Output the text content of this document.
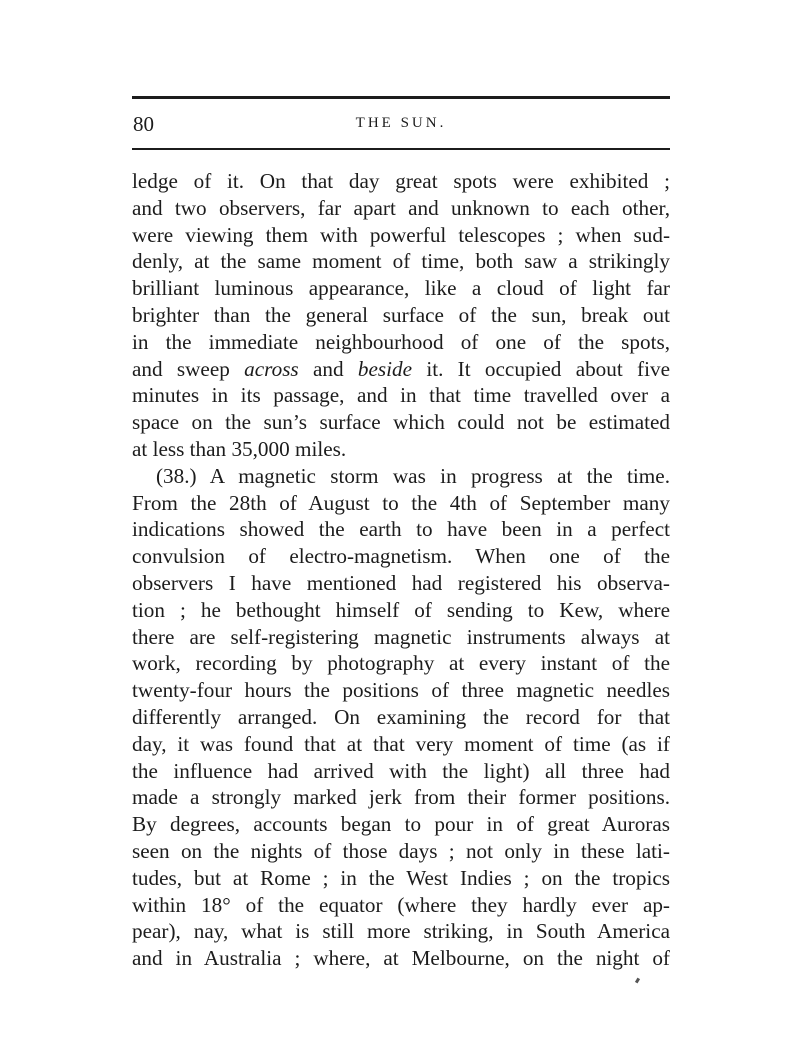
80	THE SUN.
ledge of it. On that day great spots were exhibited ;
and two observers, far apart and unknown to each other,
were viewing them with powerful telescopes ; when sud-
denly, at the same moment of time, both saw a strikingly
brilliant luminous appearance, like a cloud of light far
brighter than the general surface of the sun, break out
in the immediate neighbourhood of one of the spots,
and sweep across and beside it. It occupied about five
minutes in its passage, and in that time travelled over a
space on the sun’s surface which could not be estimated
at less than 35,000 miles.
(38.) A magnetic storm was in progress at the time.
From the 28th of August to the 4th of September many
indications showed the earth to have been in a perfect
convulsion of electro-magnetism. When one of the
observers I have mentioned had registered his observa-
tion ; he bethought himself of sending to Kew, where
there are self-registering magnetic instruments always at
work, recording by photography at every instant of the
twenty-four hours the positions of three magnetic needles
differently arranged. On examining the record for that
day, it was found that at that very moment of time (as if
the influence had arrived with the light) all three had
made a strongly marked jerk from their former positions.
By degrees, accounts began to pour in of great Auroras
seen on the nights of those days ; not only in these lati-
tudes, but at Rome ; in the West Indies ; on the tropics
within 18° of the equator (where they hardly ever ap-
pear), nay, what is still more striking, in South America
and in Australia ; where, at Melbourne, on the night of
